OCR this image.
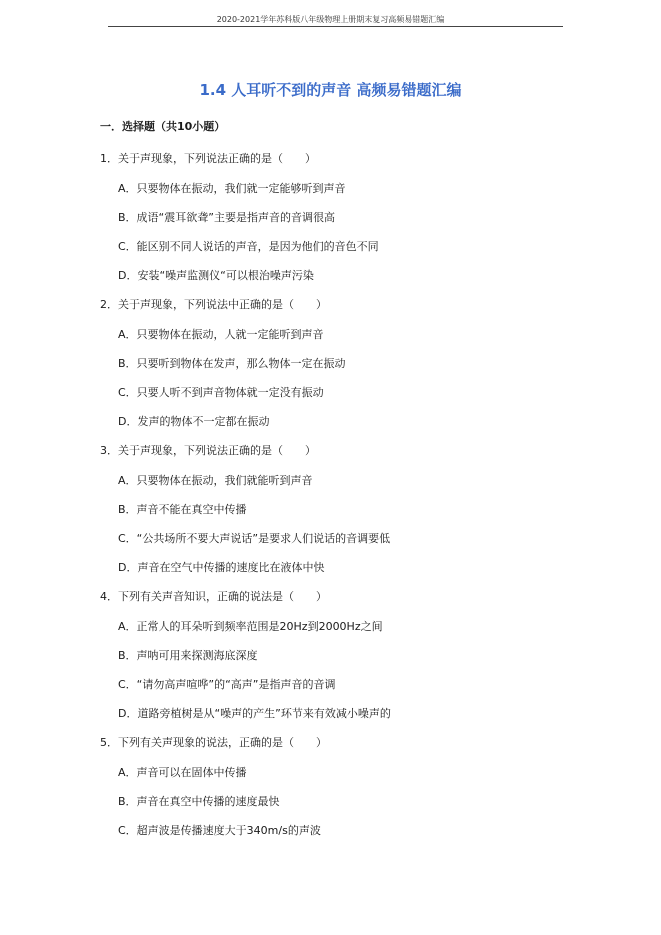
2020-2021学年苏科版八年级物理上册期末复习高频易错题汇编
1.4 人耳听不到的声音 高频易错题汇编
一．选择题（共10小题）
1．关于声现象，下列说法正确的是（　　）
A．只要物体在振动，我们就一定能够听到声音
B．成语“震耳欲聋”主要是指声音的音调很高
C．能区别不同人说话的声音，是因为他们的音色不同
D．安装“噪声监测仪“可以根治噪声污染
2．关于声现象，下列说法中正确的是（　　）
A．只要物体在振动，人就一定能听到声音
B．只要听到物体在发声，那么物体一定在振动
C．只要人听不到声音物体就一定没有振动
D．发声的物体不一定都在振动
3．关于声现象，下列说法正确的是（　　）
A．只要物体在振动，我们就能听到声音
B．声音不能在真空中传播
C．“公共场所不要大声说话”是要求人们说话的音调要低
D．声音在空气中传播的速度比在液体中快
4．下列有关声音知识，正确的说法是（　　）
A．正常人的耳朵听到频率范围是20Hz到2000Hz之间
B．声呐可用来探测海底深度
C．“请勿高声喧哗”的“高声”是指声音的音调
D．道路旁植树是从“噪声的产生”环节来有效减小噪声的
5．下列有关声现象的说法，正确的是（　　）
A．声音可以在固体中传播
B．声音在真空中传播的速度最快
C．超声波是传播速度大于340m/s的声波
